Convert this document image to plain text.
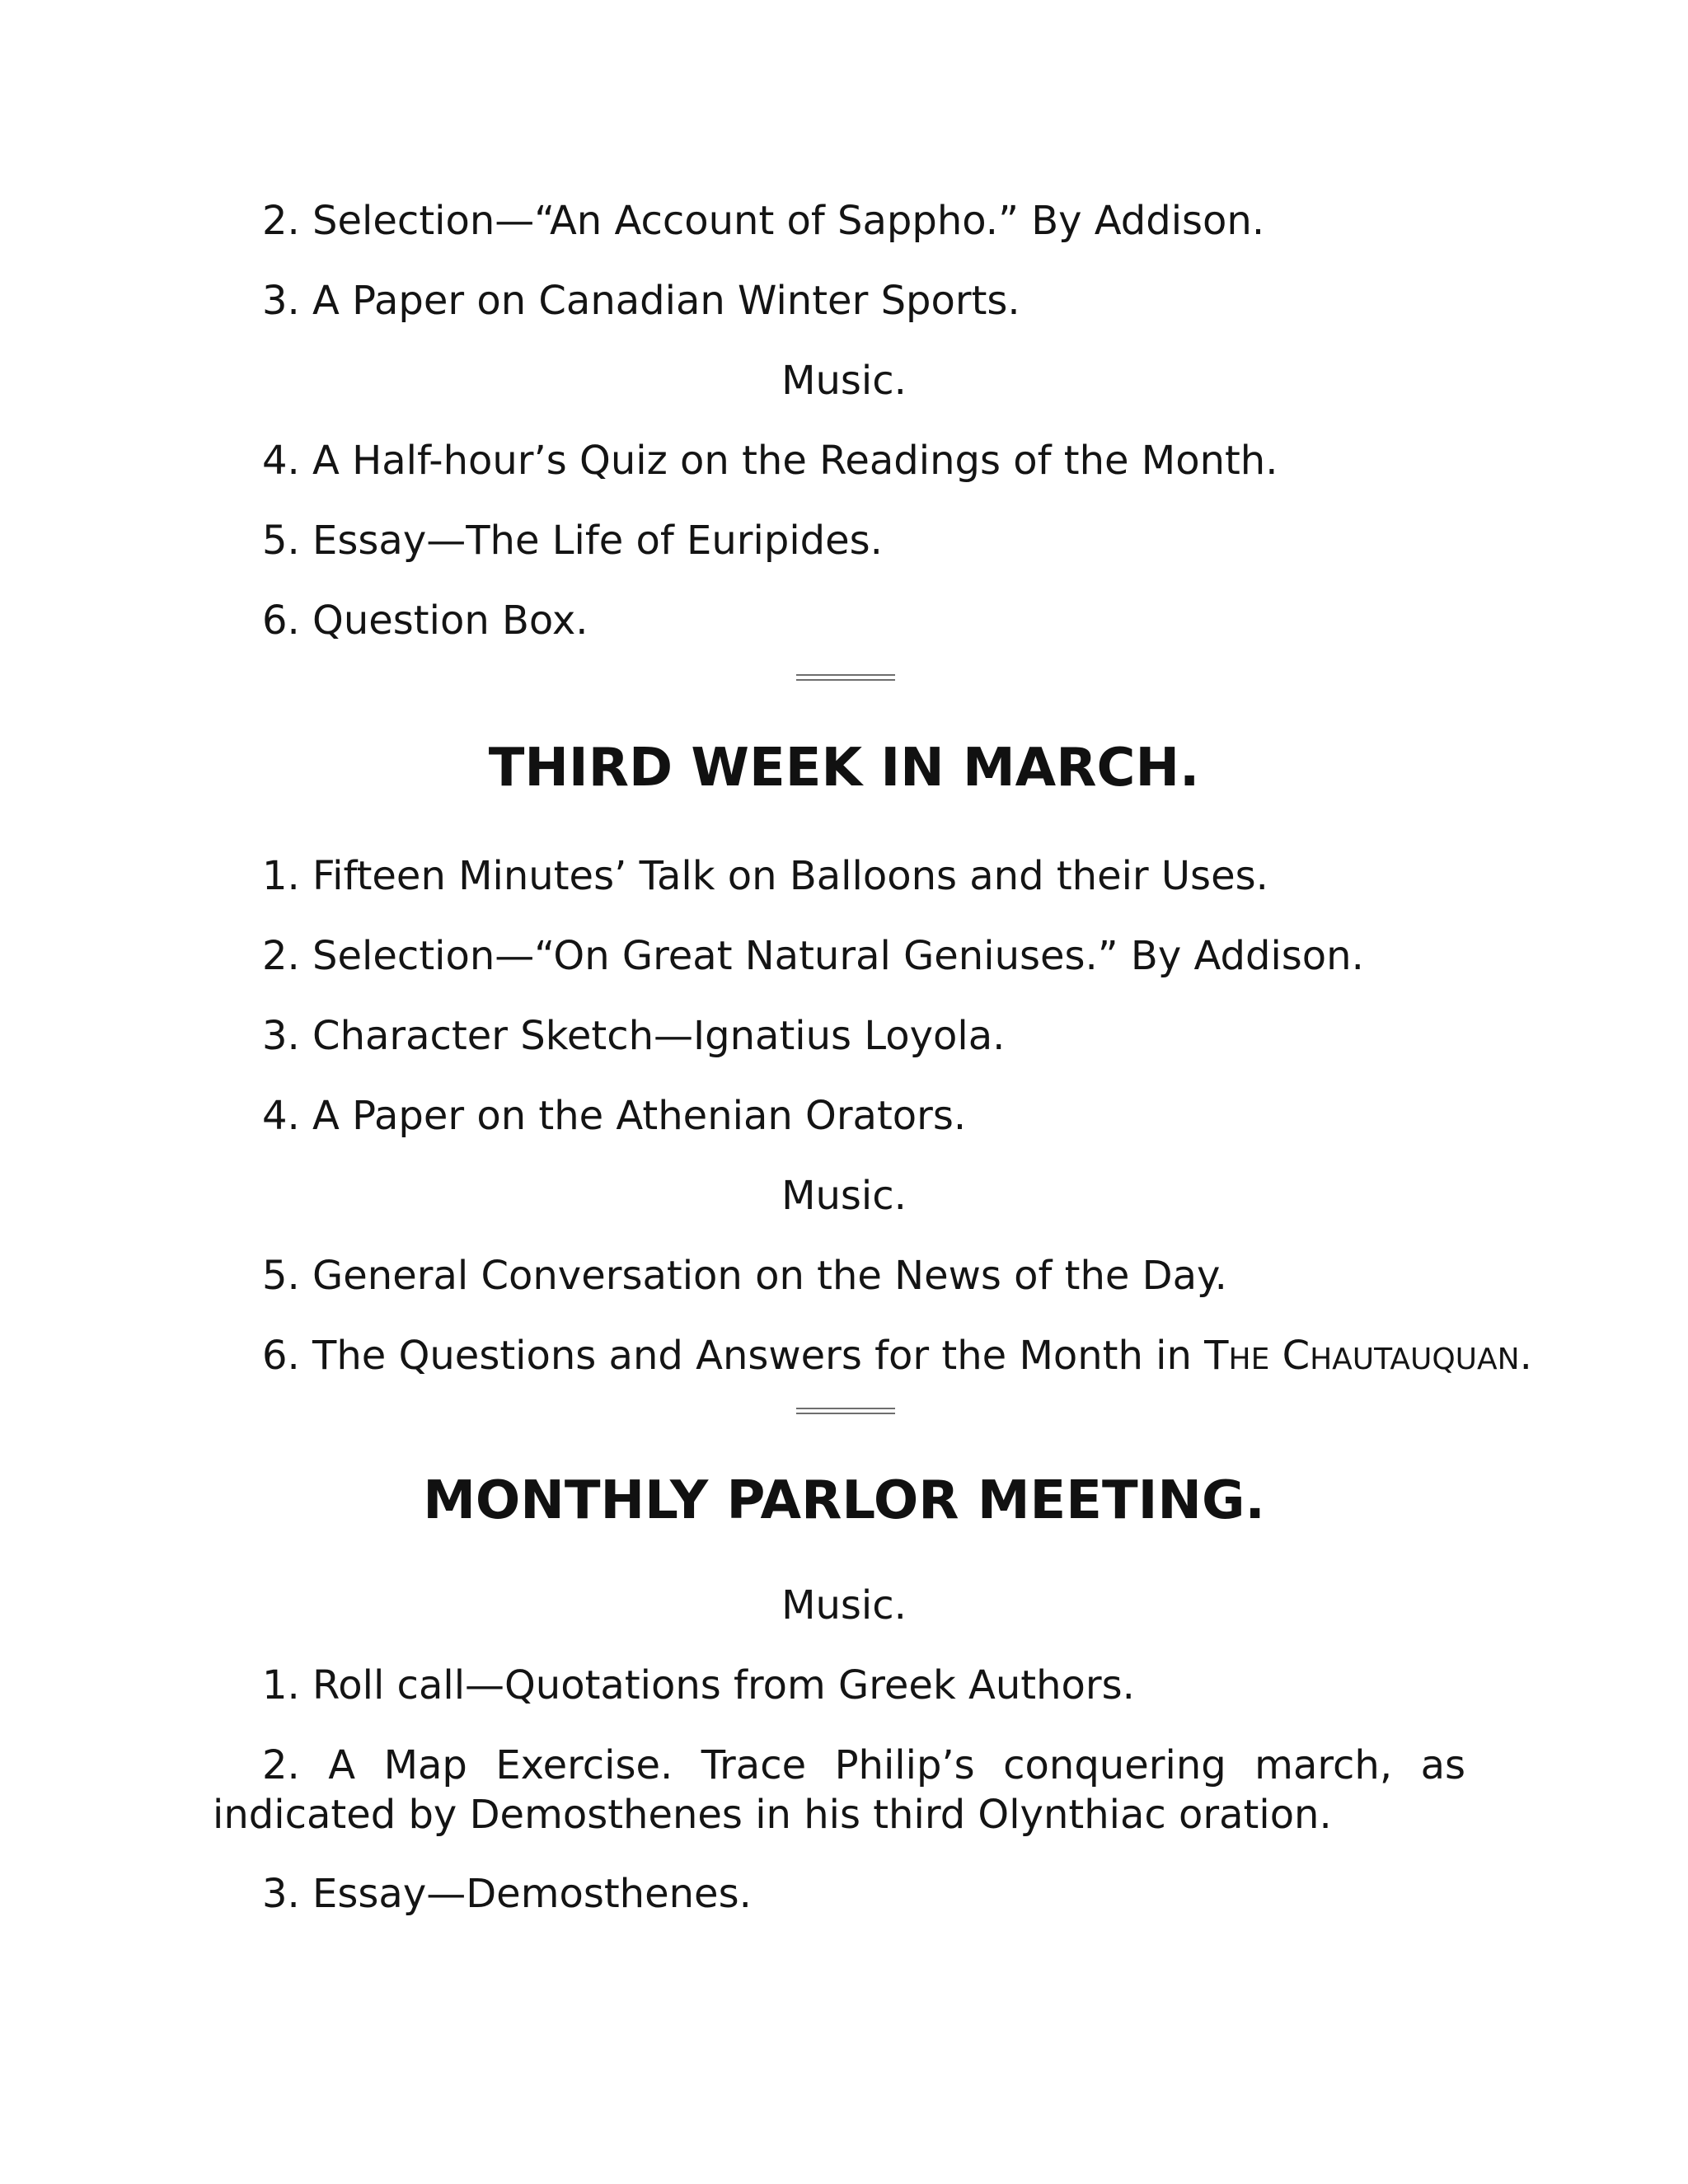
2. Selection—“An Account of Sappho.” By Addison.

3. A Paper on Canadian Winter Sports.

Music.

4. A Half-hour’s Quiz on the Readings of the Month.

5. Essay—The Life of Euripides.

6. Question Box.

THIRD WEEK IN MARCH.

1. Fifteen Minutes’ Talk on Balloons and their Uses.

2. Selection—“On Great Natural Geniuses.” By Addison.

3. Character Sketch—Ignatius Loyola.

4. A Paper on the Athenian Orators.

Music.

5. General Conversation on the News of the Day.

6. The Questions and Answers for the Month in THE CHAUTAUQUAN.

MONTHLY PARLOR MEETING.

Music.

1. Roll call—Quotations from Greek Authors.

2. A Map Exercise. Trace Philip’s conquering march, as indicated by Demosthenes in his third Olynthiac oration.

3. Essay—Demosthenes.
